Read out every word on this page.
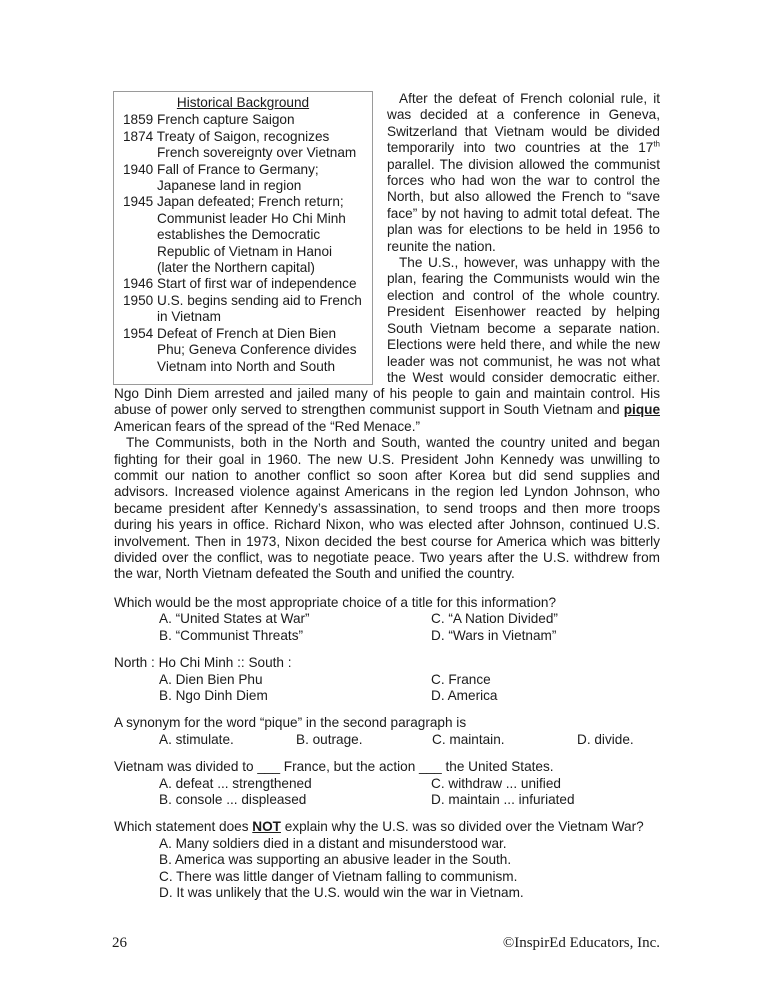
Historical Background
1859 French capture Saigon
1874 Treaty of Saigon, recognizes
French sovereignty over Vietnam
1940 Fall of France to Germany;
Japanese land in region
1945 Japan defeated; French return;
Communist leader Ho Chi Minh
establishes the Democratic
Republic of Vietnam in Hanoi
(later the Northern capital)
1946 Start of first war of independence
1950 U.S. begins sending aid to French
in Vietnam
1954 Defeat of French at Dien Bien
Phu; Geneva Conference divides
Vietnam into North and South

After the defeat of French colonial rule, it was decided at a conference in Geneva, Switzerland that Vietnam would be divided temporarily into two countries at the 17th parallel. The division allowed the communist forces who had won the war to control the North, but also allowed the French to “save face” by not having to admit total defeat. The plan was for elections to be held in 1956 to reunite the nation.

The U.S., however, was unhappy with the plan, fearing the Communists would win the election and control of the whole country. President Eisenhower reacted by helping South Vietnam become a separate nation. Elections were held there, and while the new leader was not communist, he was not what the West would consider democratic either.

Ngo Dinh Diem arrested and jailed many of his people to gain and maintain control. His abuse of power only served to strengthen communist support in South Vietnam and pique American fears of the spread of the “Red Menace.”

The Communists, both in the North and South, wanted the country united and began fighting for their goal in 1960. The new U.S. President John Kennedy was unwilling to commit our nation to another conflict so soon after Korea but did send supplies and advisors. Increased violence against Americans in the region led Lyndon Johnson, who became president after Kennedy’s assassination, to send troops and then more troops during his years in office. Richard Nixon, who was elected after Johnson, continued U.S. involvement. Then in 1973, Nixon decided the best course for America which was bitterly divided over the conflict, was to negotiate peace. Two years after the U.S. withdrew from the war, North Vietnam defeated the South and unified the country.

Which would be the most appropriate choice of a title for this information?
A. “United States at War”	C. “A Nation Divided”
B. “Communist Threats”	D. “Wars in Vietnam”
North : Ho Chi Minh :: South :
A. Dien Bien Phu	C. France
B. Ngo Dinh Diem	D. America
A synonym for the word “pique” in the second paragraph is
A. stimulate.	B. outrage.	C. maintain.	D. divide.
Vietnam was divided to ___ France, but the action ___ the United States.
A. defeat ... strengthened	C. withdraw ... unified
B. console ... displeased	D. maintain ... infuriated
Which statement does NOT explain why the U.S. was so divided over the Vietnam War?
A. Many soldiers died in a distant and misunderstood war.
B. America was supporting an abusive leader in the South.
C. There was little danger of Vietnam falling to communism.
D. It was unlikely that the U.S. would win the war in Vietnam.
26	©InspirEd Educators, Inc.
